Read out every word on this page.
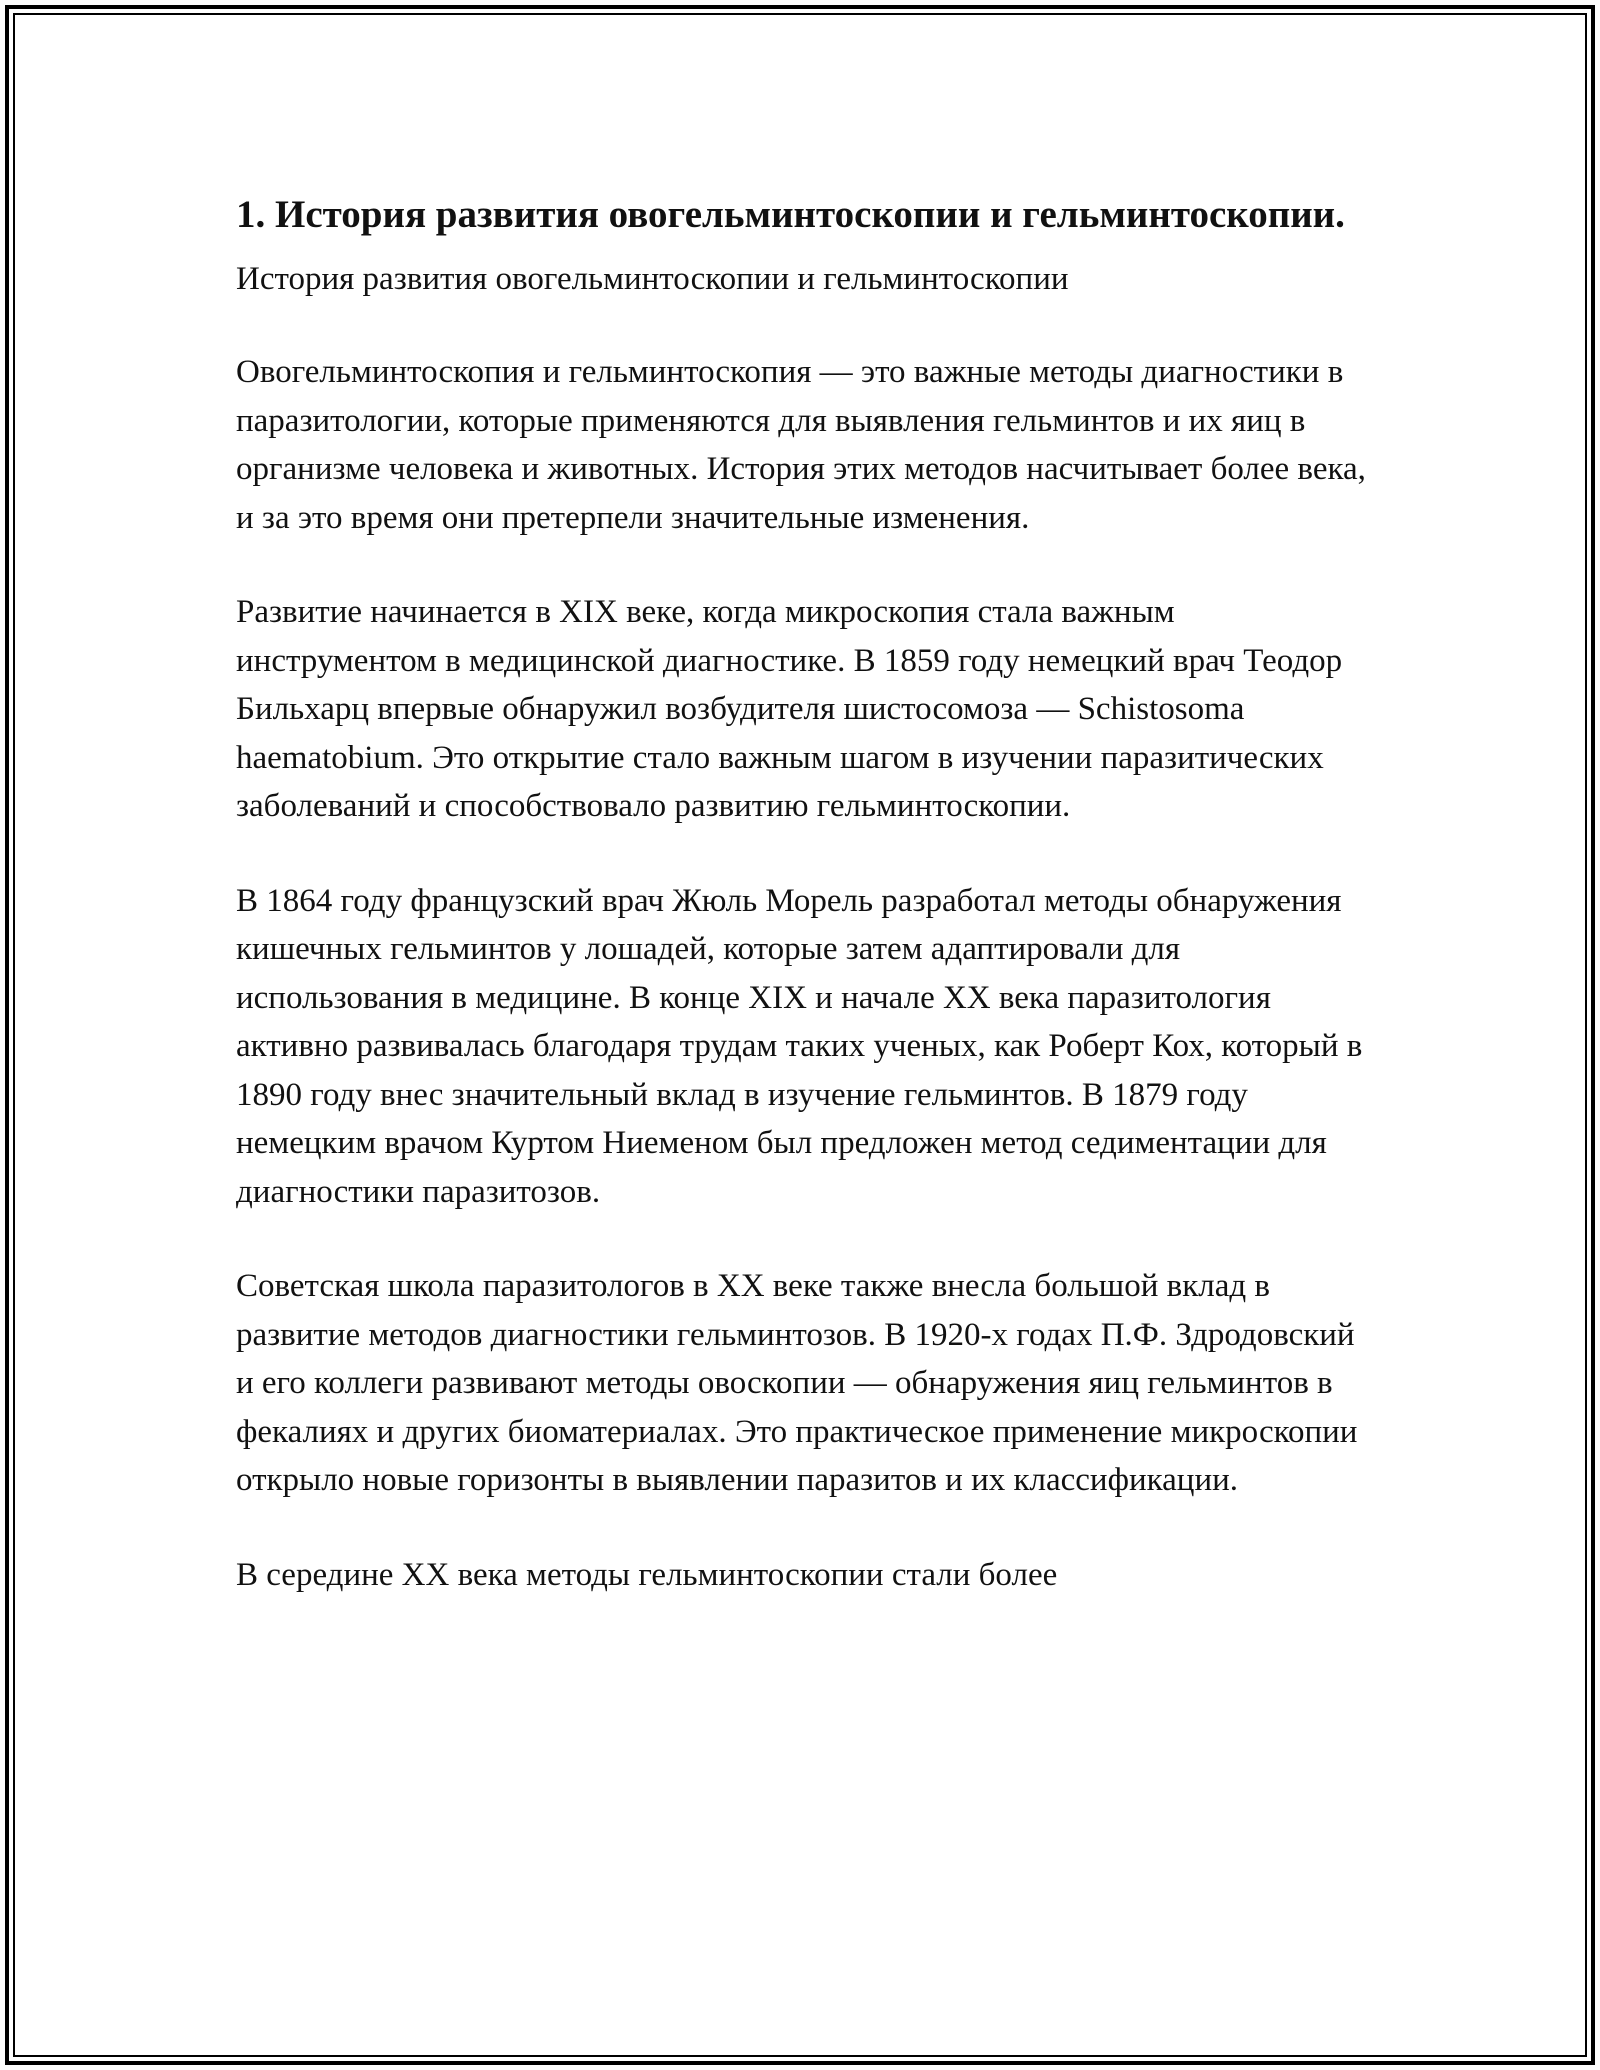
1. История развития овогельминтоскопии и гельминтоскопии.

История развития овогельминтоскопии и гельминтоскопии

Овогельминтоскопия и гельминтоскопия — это важные методы диагностики в паразитологии, которые применяются для выявления гельминтов и их яиц в организме человека и животных. История этих методов насчитывает более века, и за это время они претерпели значительные изменения.

Развитие начинается в XIX веке, когда микроскопия стала важным инструментом в медицинской диагностике. В 1859 году немецкий врач Теодор Бильхарц впервые обнаружил возбудителя шистосомоза — Schistosoma haematobium. Это открытие стало важным шагом в изучении паразитических заболеваний и способствовало развитию гельминтоскопии.

В 1864 году французский врач Жюль Морель разработал методы обнаружения кишечных гельминтов у лошадей, которые затем адаптировали для использования в медицине. В конце XIX и начале XX века паразитология активно развивалась благодаря трудам таких ученых, как Роберт Кох, который в 1890 году внес значительный вклад в изучение гельминтов. В 1879 году немецким врачом Куртом Ниеменом был предложен метод седиментации для диагностики паразитозов.

Советская школа паразитологов в XX веке также внесла большой вклад в развитие методов диагностики гельминтозов. В 1920-х годах П.Ф. Здродовский и его коллеги развивают методы овоскопии — обнаружения яиц гельминтов в фекалиях и других биоматериалах. Это практическое применение микроскопии открыло новые горизонты в выявлении паразитов и их классификации.

В середине XX века методы гельминтоскопии стали более
